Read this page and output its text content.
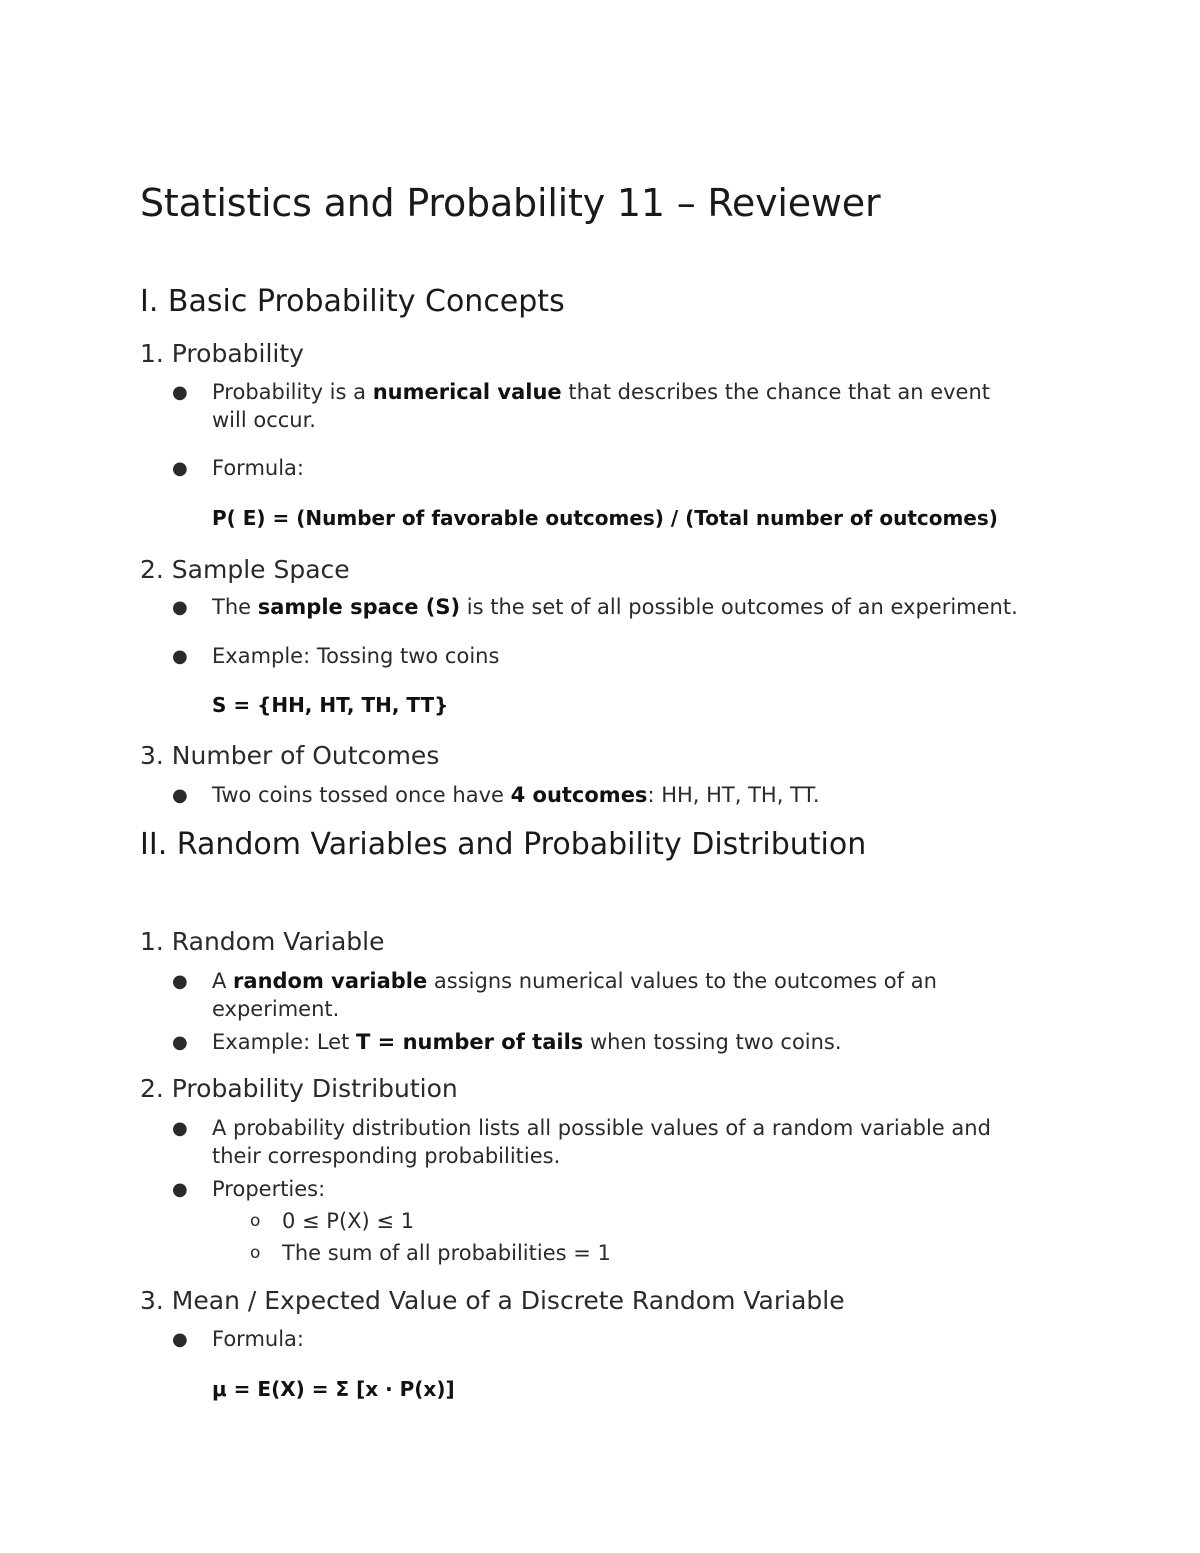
Statistics and Probability 11 – Reviewer
I. Basic Probability Concepts
1. Probability
● Probability is a numerical value that describes the chance that an event
will occur.
● Formula:
P( E) = (Number of favorable outcomes) / (Total number of outcomes)
2. Sample Space
● The sample space (S) is the set of all possible outcomes of an experiment.
● Example: Tossing two coins
S = {HH, HT, TH, TT}
3. Number of Outcomes
● Two coins tossed once have 4 outcomes: HH, HT, TH, TT.
II. Random Variables and Probability Distribution
1. Random Variable
● A random variable assigns numerical values to the outcomes of an
experiment.
● Example: Let T = number of tails when tossing two coins.
2. Probability Distribution
● A probability distribution lists all possible values of a random variable and
their corresponding probabilities.
● Properties:
o 0 ≤ P(X) ≤ 1
o The sum of all probabilities = 1
3. Mean / Expected Value of a Discrete Random Variable
● Formula:
μ = E(X) = Σ [x · P(x)]
